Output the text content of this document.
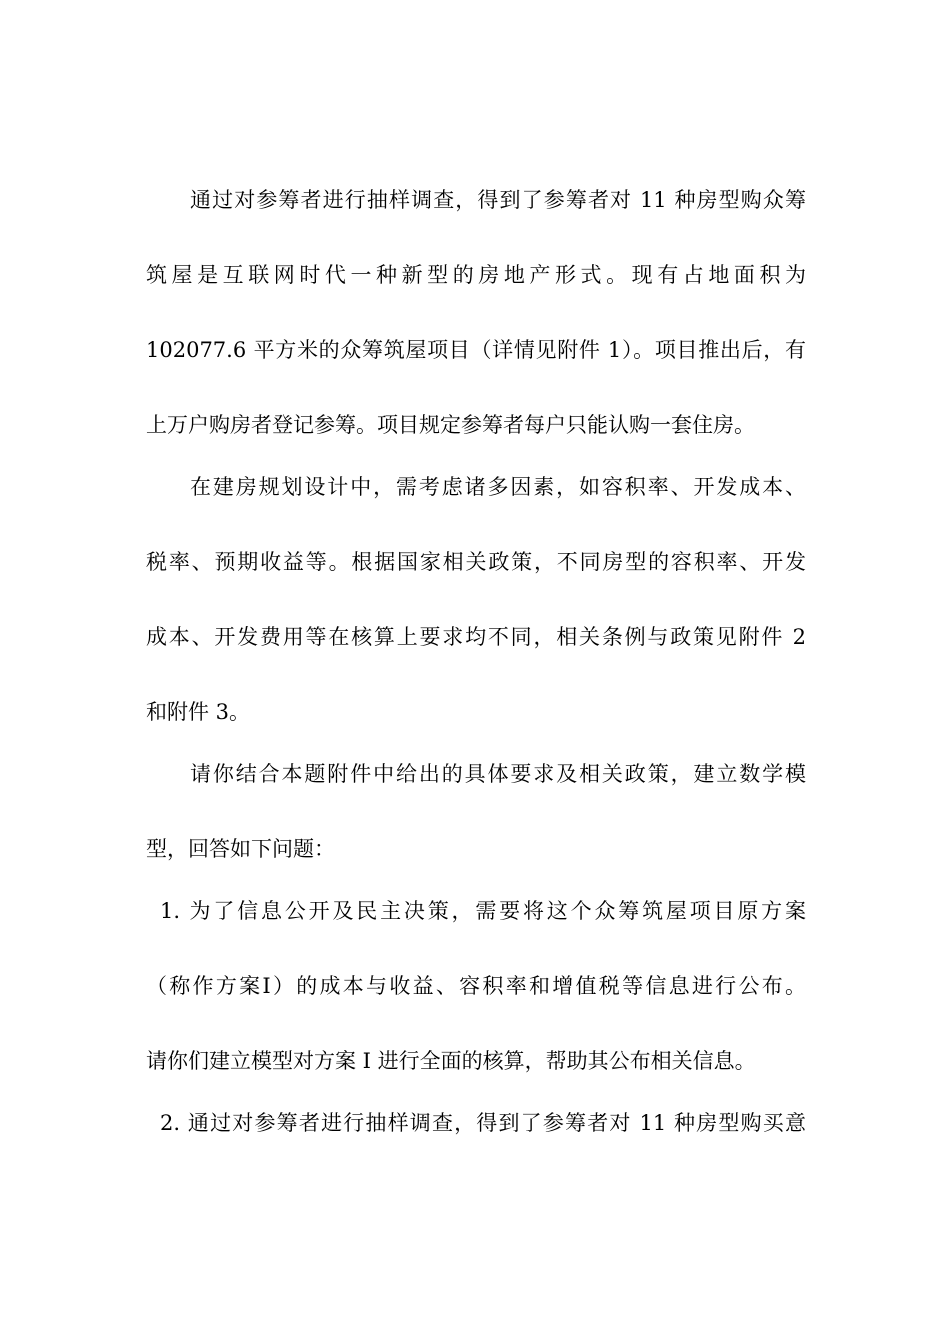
通过对参筹者进行抽样调查，得到了参筹者对 11 种房型购众筹
筑屋是互联网时代一种新型的房地产形式。现有占地面积为
102077.6 平方米的众筹筑屋项目（详情见附件 1）。项目推出后，有
上万户购房者登记参筹。项目规定参筹者每户只能认购一套住房。
在建房规划设计中，需考虑诸多因素，如容积率、开发成本、
税率、预期收益等。根据国家相关政策，不同房型的容积率、开发
成本、开发费用等在核算上要求均不同，相关条例与政策见附件 2
和附件 3。
请你结合本题附件中给出的具体要求及相关政策，建立数学模
型，回答如下问题：
1. 为了信息公开及民主决策，需要将这个众筹筑屋项目原方案
（称作方案Ⅰ）的成本与收益、容积率和增值税等信息进行公布。
请你们建立模型对方案 I 进行全面的核算，帮助其公布相关信息。
2. 通过对参筹者进行抽样调查，得到了参筹者对 11 种房型购买意
